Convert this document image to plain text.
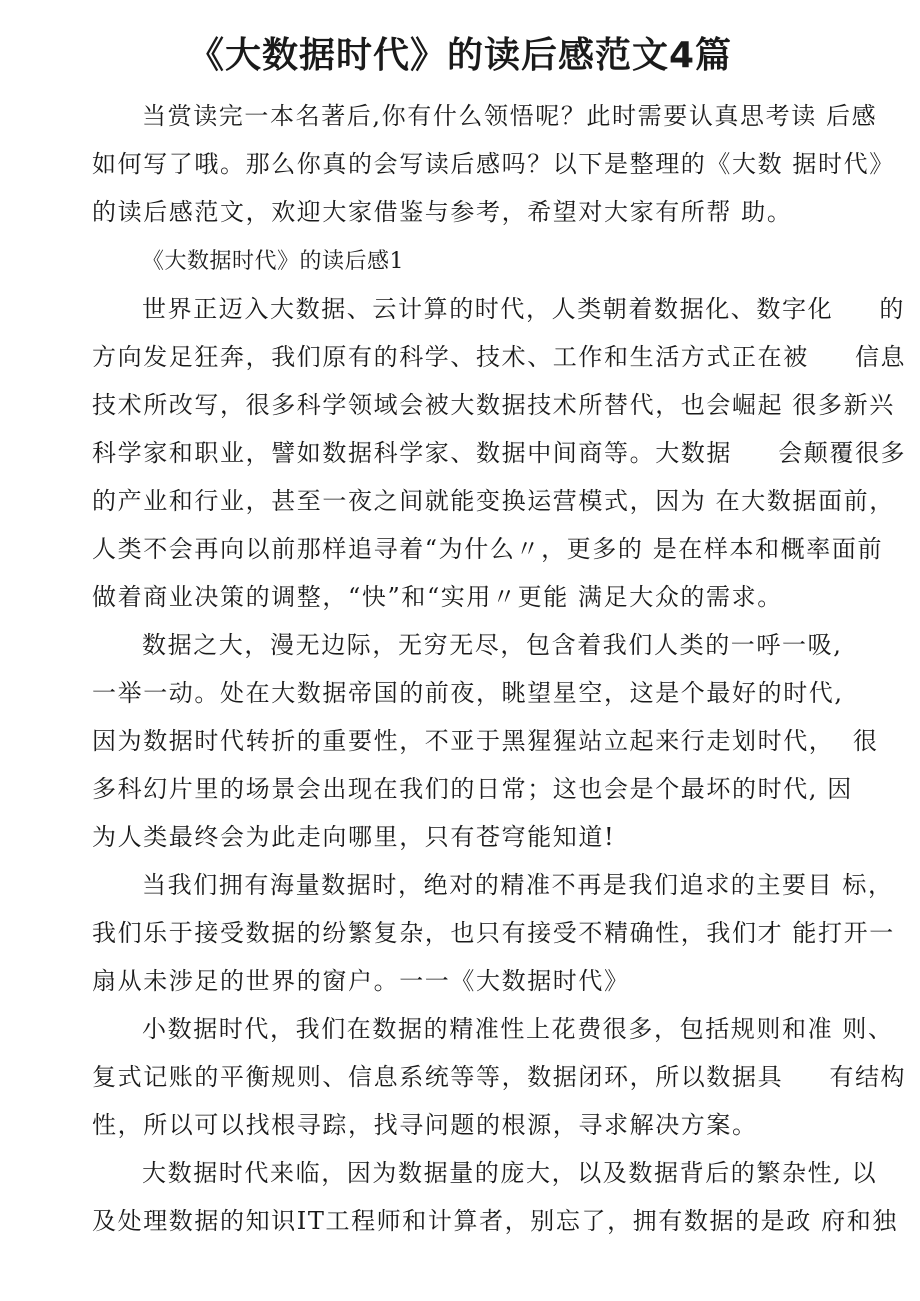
《大数据时代》的读后感范文4篇
当赏读完一本名著后,你有什么领悟呢？此时需要认真思考读 后感
如何写了哦。那么你真的会写读后感吗？以下是整理的《大数 据时代》
的读后感范文，欢迎大家借鉴与参考，希望对大家有所帮 助。
《大数据时代》的读后感1
世界正迈入大数据、云计算的时代，人类朝着数据化、数字化     的
方向发足狂奔，我们原有的科学、技术、工作和生活方式正在被     信息
技术所改写，很多科学领域会被大数据技术所替代，也会崛起 很多新兴
科学家和职业，譬如数据科学家、数据中间商等。大数据     会颠覆很多
的产业和行业，甚至一夜之间就能变换运营模式，因为 在大数据面前，
人类不会再向以前那样追寻着“为什么〃，更多的 是在样本和概率面前
做着商业决策的调整，“快”和“实用〃更能 满足大众的需求。
数据之大，漫无边际，无穷无尽，包含着我们人类的一呼一吸,
一举一动。处在大数据帝国的前夜，眺望星空，这是个最好的时代,
因为数据时代转折的重要性，不亚于黑猩猩站立起来行走划时代，  很
多科幻片里的场景会出现在我们的日常；这也会是个最坏的时代, 因
为人类最终会为此走向哪里，只有苍穹能知道!
当我们拥有海量数据时，绝对的精准不再是我们追求的主要目 标，
我们乐于接受数据的纷繁复杂，也只有接受不精确性，我们才 能打开一
扇从未涉足的世界的窗户。一一《大数据时代》
小数据时代，我们在数据的精准性上花费很多，包括规则和准 则、
复式记账的平衡规则、信息系统等等，数据闭环，所以数据具     有结构
性，所以可以找根寻踪，找寻问题的根源，寻求解决方案。
大数据时代来临，因为数据量的庞大，以及数据背后的繁杂性, 以
及处理数据的知识IT工程师和计算者，别忘了，拥有数据的是政 府和独
